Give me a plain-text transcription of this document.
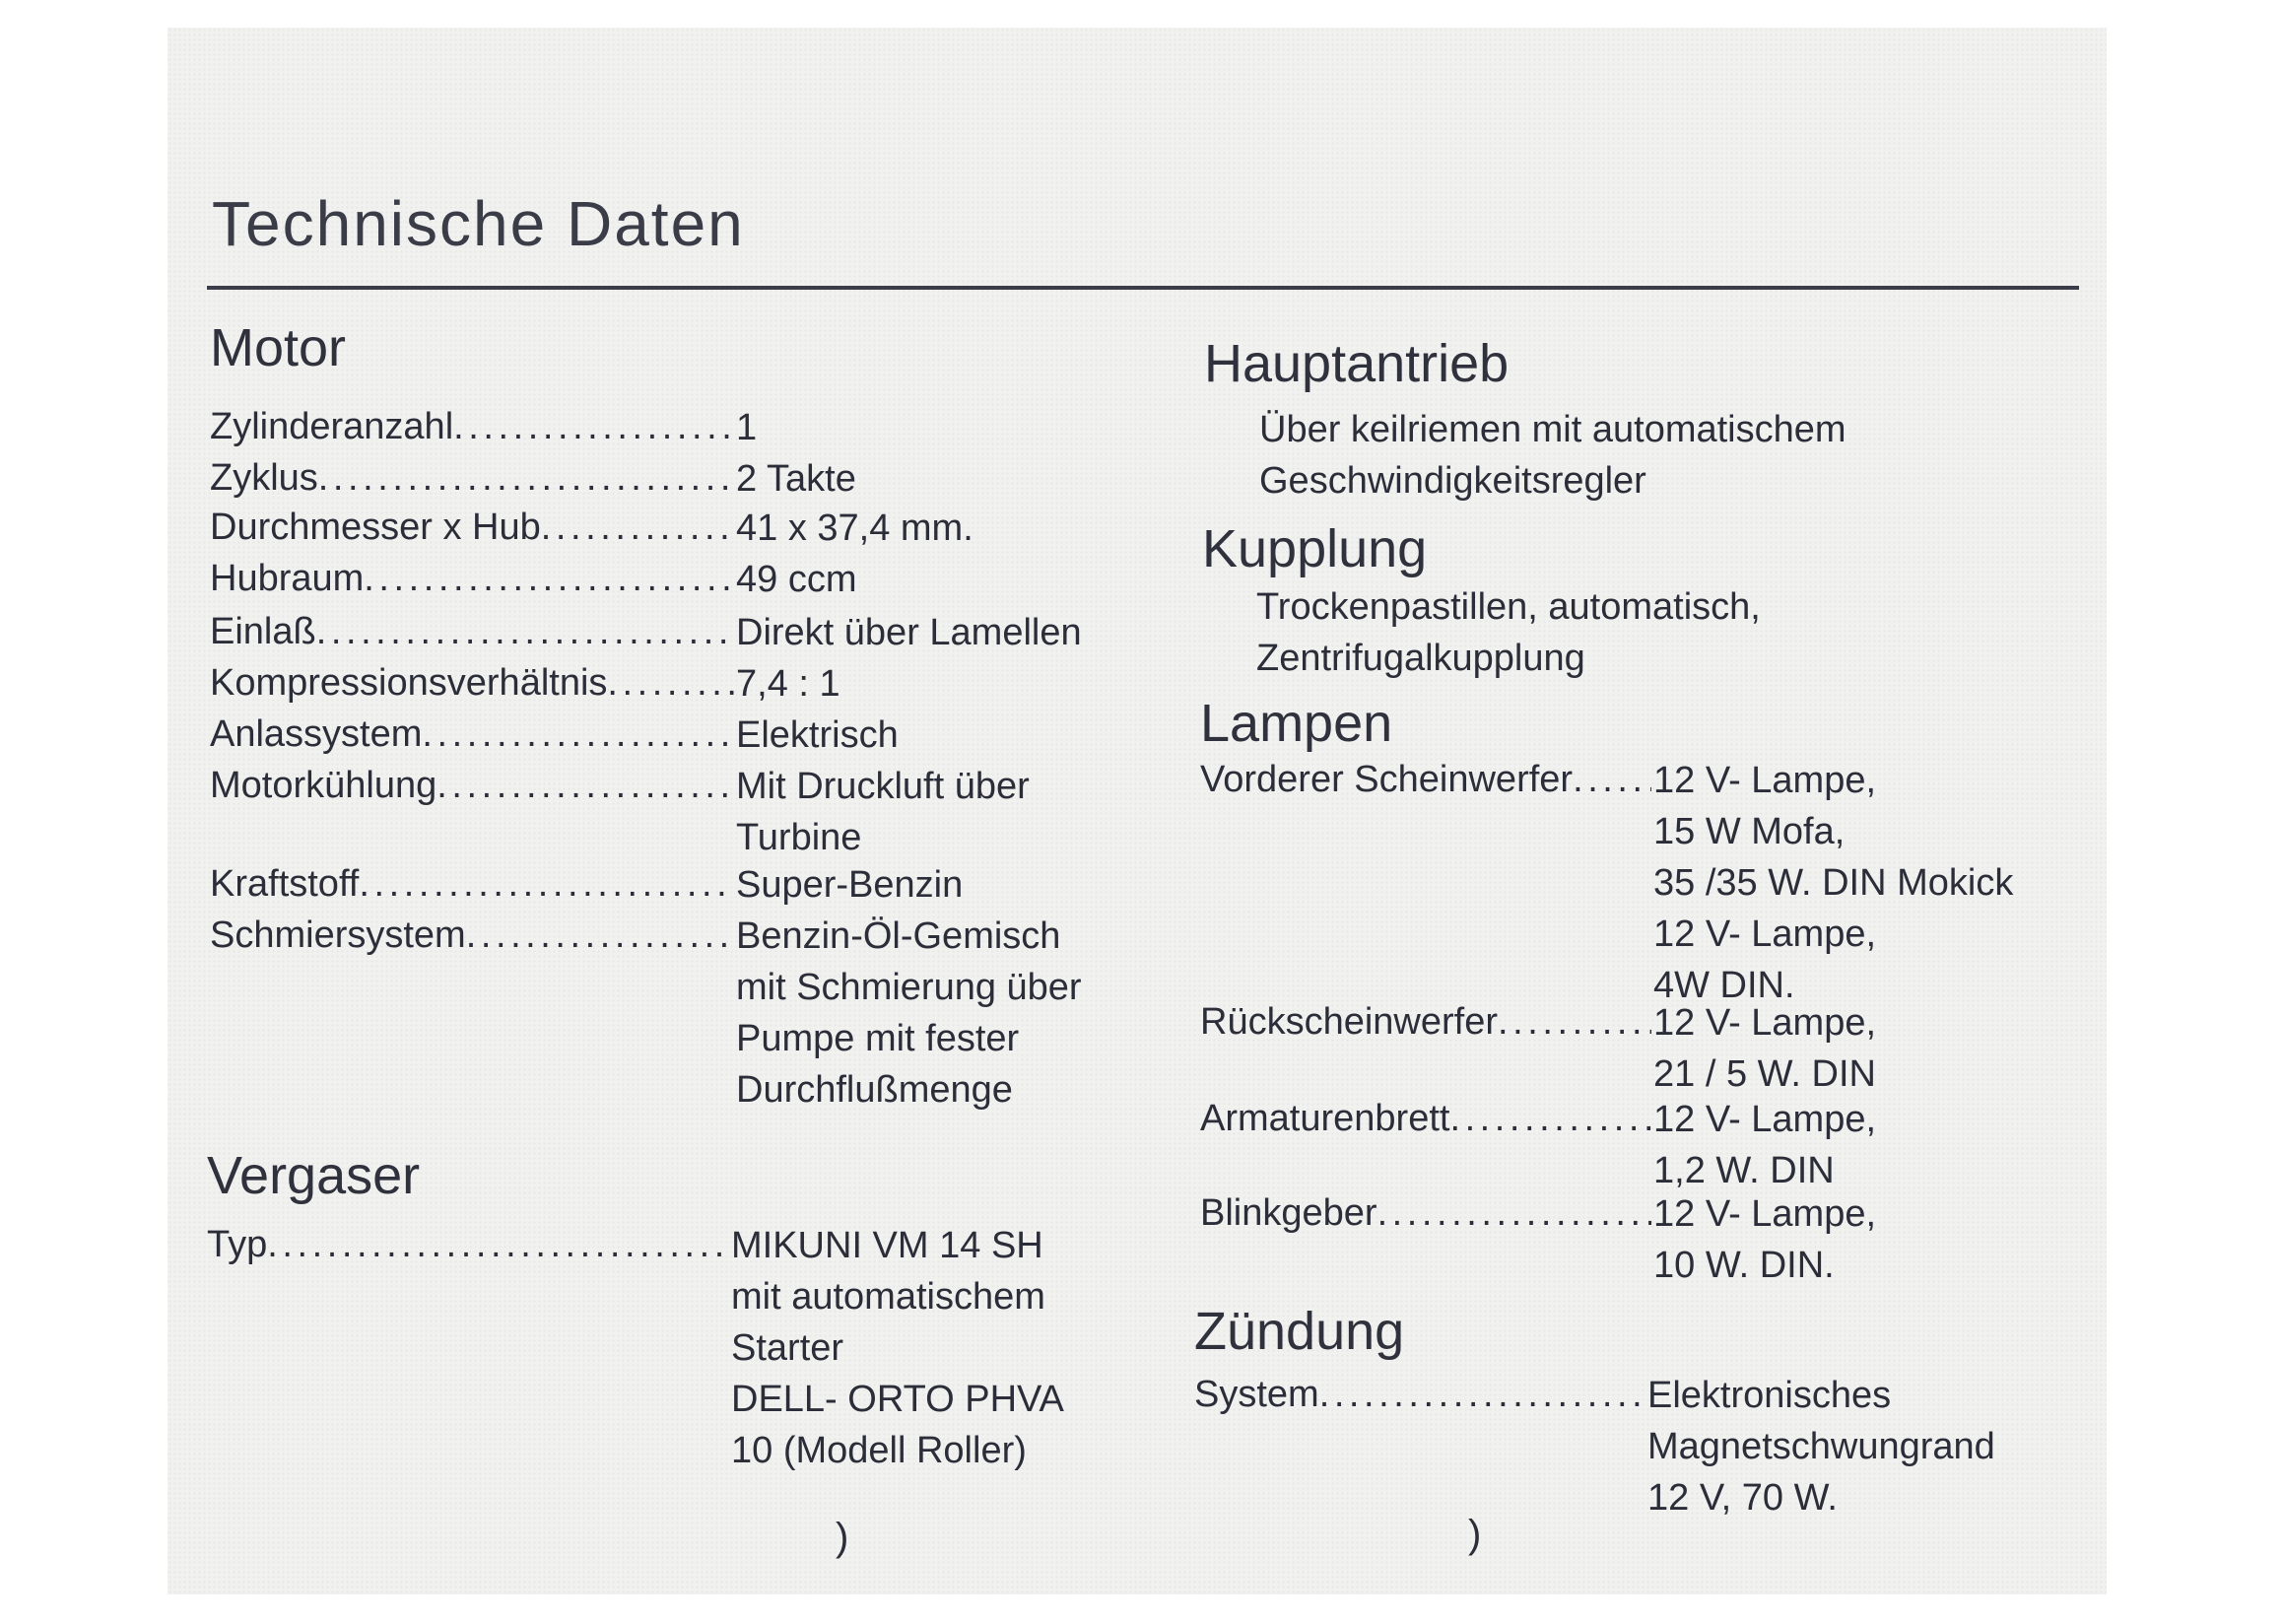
Technische Daten
Motor
Zylinderanzahl . . .	1
Zyklus . . .	2 Takte
Durchmesser x Hub . . .	41 x 37,4 mm.
Hubraum . . .	49 ccm
Einlaß . . .	Direkt über Lamellen
Kompressionsverhältnis . . .	7,4 : 1
Anlassystem . . .	Elektrisch
Motorkühlung . . .	Mit Druckluft über
Turbine
Kraftstoff . . .	Super-Benzin
Schmiersystem . . .	Benzin-Öl-Gemisch
mit Schmierung über
Pumpe mit fester
Durchflußmenge
Vergaser
Typ . . .	MIKUNI VM 14 SH
mit automatischem
Starter
DELL- ORTO PHVA
10 (Modell Roller)
Hauptantrieb
Über keilriemen mit automatischem
Geschwindigkeitsregler
Kupplung
Trockenpastillen, automatisch,
Zentrifugalkupplung
Lampen
Vorderer Scheinwerfer . . .	12 V- Lampe,
15 W Mofa,
35 /35 W. DIN Mokick
12 V- Lampe,
4W DIN.
Rückscheinwerfer . . .	12 V- Lampe,
21 / 5 W. DIN
Armaturenbrett . . .	12 V- Lampe,
1,2 W. DIN
Blinkgeber . . .	12 V- Lampe,
10 W. DIN.
Zündung
System . . .	Elektronisches
Magnetschwungrand
12 V, 70 W.
)	)
